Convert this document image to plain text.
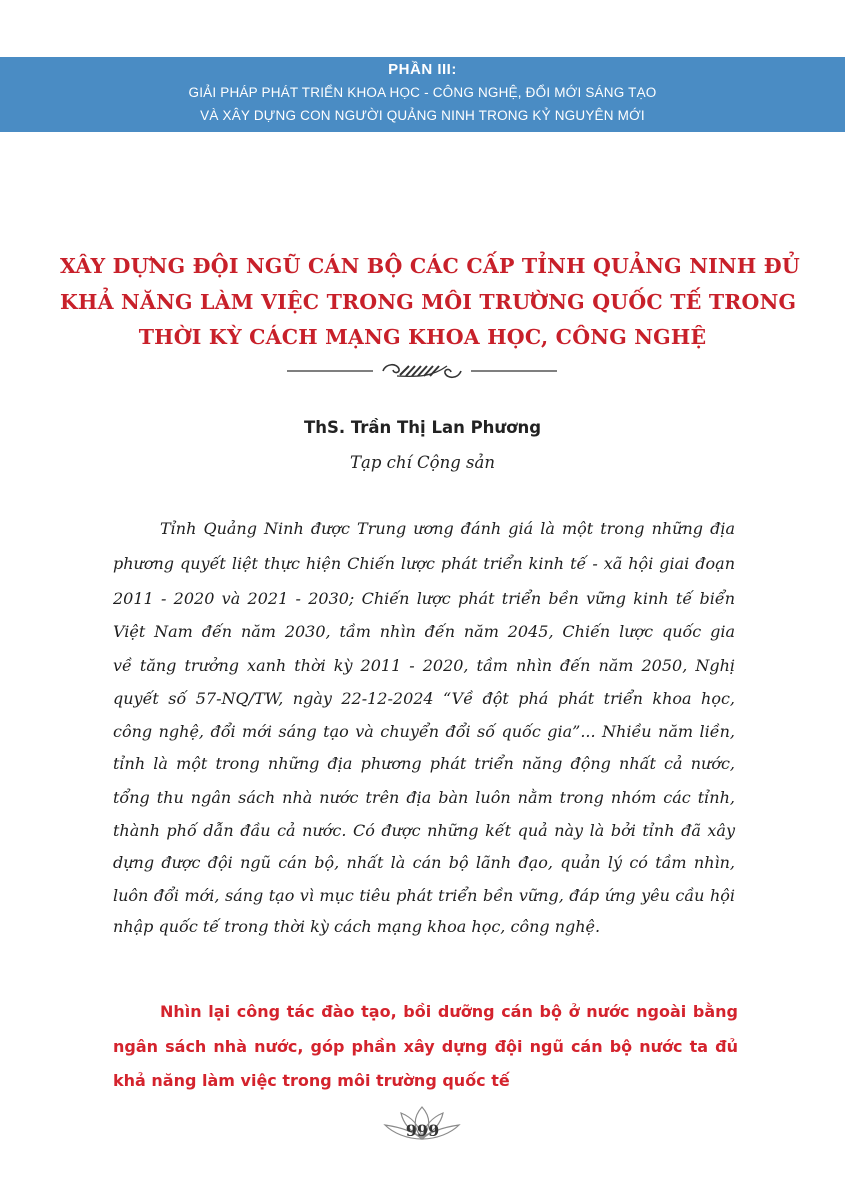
PHẦN III:
GIẢI PHÁP PHÁT TRIỂN KHOA HỌC - CÔNG NGHỆ, ĐỔI MỚI SÁNG TẠO
VÀ XÂY DỰNG CON NGƯỜI QUẢNG NINH TRONG KỶ NGUYÊN MỚI
XÂY DỰNG ĐỘI NGŨ CÁN BỘ CÁC CẤP TỈNH QUẢNG NINH ĐỦ
KHẢ NĂNG LÀM VIỆC TRONG MÔI TRƯỜNG QUỐC TẾ TRONG
THỜI KỲ CÁCH MẠNG KHOA HỌC, CÔNG NGHỆ
ThS. Trần Thị Lan Phương
Tạp chí Cộng sản
Tỉnh Quảng Ninh được Trung ương đánh giá là một trong những địa
phương quyết liệt thực hiện Chiến lược phát triển kinh tế - xã hội giai đoạn
2011 - 2020 và 2021 - 2030; Chiến lược phát triển bền vững kinh tế biển
Việt Nam đến năm 2030, tầm nhìn đến năm 2045, Chiến lược quốc gia
về tăng trưởng xanh thời kỳ 2011 - 2020, tầm nhìn đến năm 2050, Nghị
quyết số 57-NQ/TW, ngày 22-12-2024 “Về đột phá phát triển khoa học,
công nghệ, đổi mới sáng tạo và chuyển đổi số quốc gia”... Nhiều năm liền,
tỉnh là một trong những địa phương phát triển năng động nhất cả nước,
tổng thu ngân sách nhà nước trên địa bàn luôn nằm trong nhóm các tỉnh,
thành phố dẫn đầu cả nước. Có được những kết quả này là bởi tỉnh đã xây
dựng được đội ngũ cán bộ, nhất là cán bộ lãnh đạo, quản lý có tầm nhìn,
luôn đổi mới, sáng tạo vì mục tiêu phát triển bền vững, đáp ứng yêu cầu hội
nhập quốc tế trong thời kỳ cách mạng khoa học, công nghệ.
Nhìn lại công tác đào tạo, bồi dưỡng cán bộ ở nước ngoài bằng
ngân sách nhà nước, góp phần xây dựng đội ngũ cán bộ nước ta đủ
khả năng làm việc trong môi trường quốc tế
999
